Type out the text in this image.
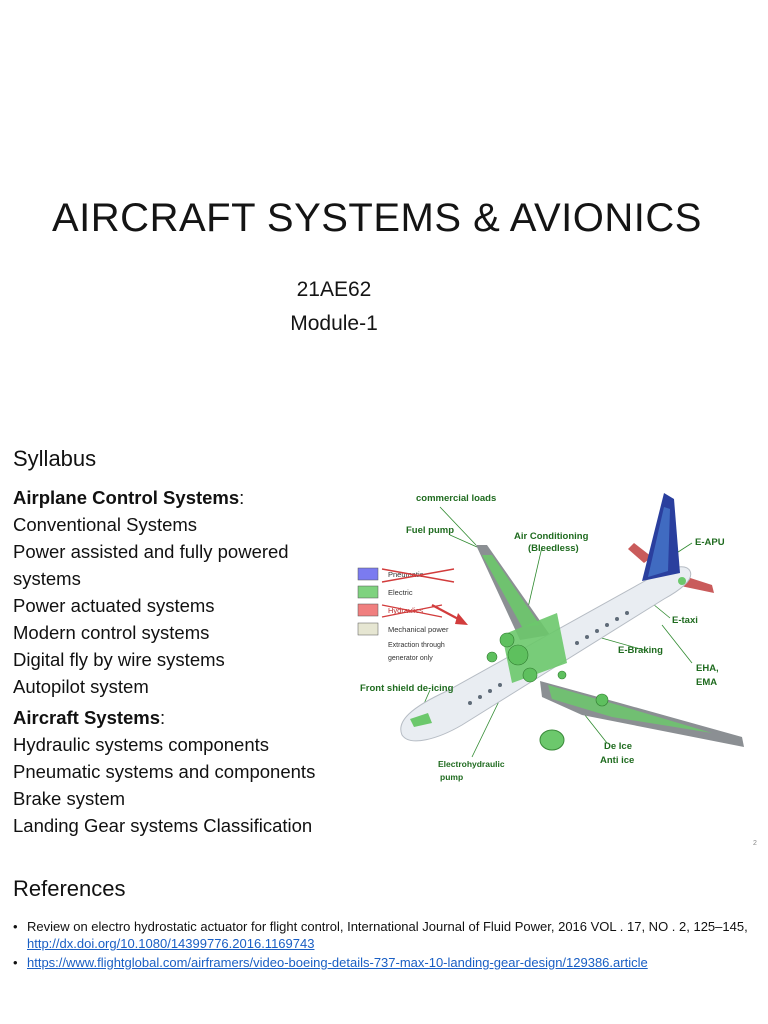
AIRCRAFT SYSTEMS & AVIONICS
21AE62
Module-1
Syllabus
Airplane Control Systems:
Conventional Systems
Power assisted and fully powered systems
Power actuated systems
Modern control systems
Digital fly by wire systems
Autopilot system
Aircraft Systems:
Hydraulic systems components
Pneumatic systems and components
Brake system
Landing Gear systems Classification
Pneumatic
Electric
Hydraulics
Mechanical power
Extraction through
generator only
commercial loads
Fuel pump
Air Conditioning
(Bleedless)
E-APU
E-taxi
E-Braking
EHA,
EMA
Front shield de-icing
Electrohydraulic
pump
De Ice
Anti ice
2
References
• Review on electro hydrostatic actuator for flight control, International Journal of Fluid Power, 2016 VOL . 17, NO . 2, 125–145, http://dx.doi.org/10.1080/14399776.2016.1169743
• https://www.flightglobal.com/airframers/video-boeing-details-737-max-10-landing-gear-design/129386.article
